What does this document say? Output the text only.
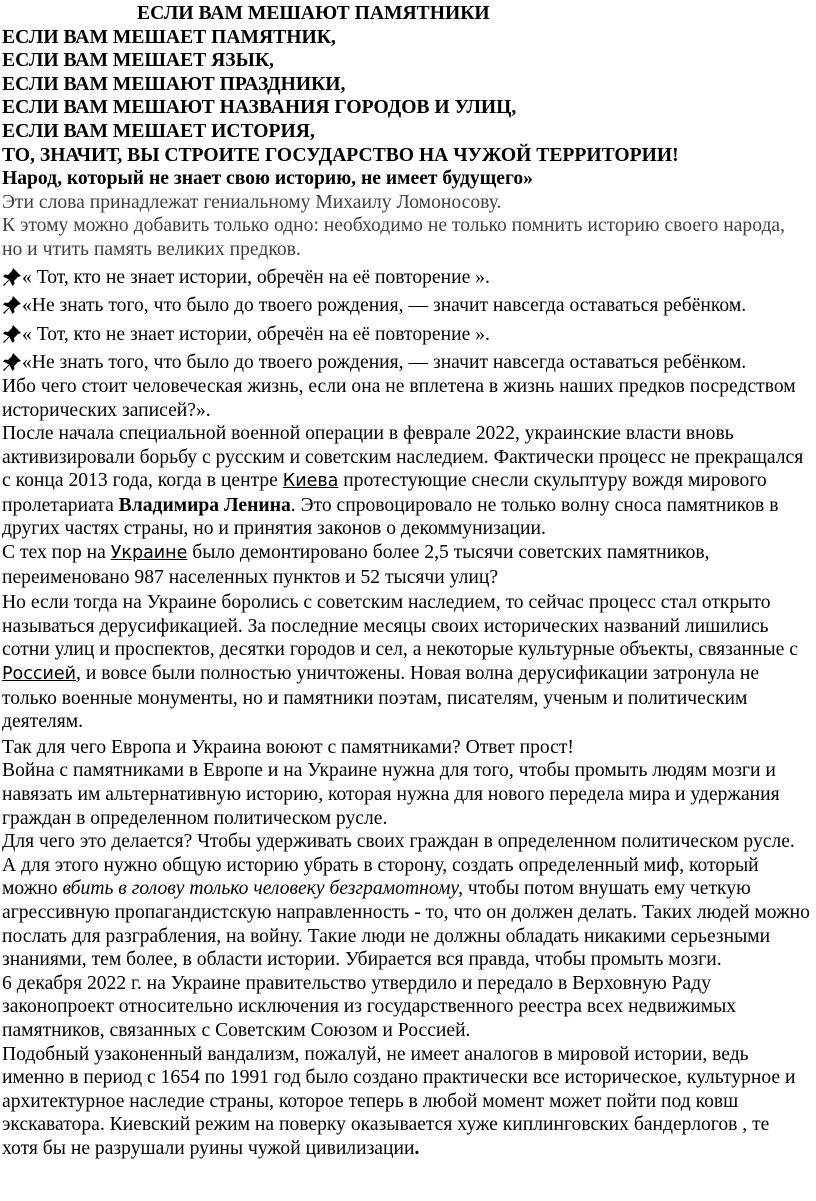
ЕСЛИ ВАМ МЕШАЮТ ПАМЯТНИКИ
ЕСЛИ ВАМ МЕШАЕТ ПАМЯТНИК,
ЕСЛИ ВАМ МЕШАЕТ ЯЗЫК,
ЕСЛИ ВАМ МЕШАЮТ ПРАЗДНИКИ,
ЕСЛИ ВАМ МЕШАЮТ НАЗВАНИЯ ГОРОДОВ И УЛИЦ,
ЕСЛИ ВАМ МЕШАЕТ ИСТОРИЯ,
ТО, ЗНАЧИТ, ВЫ СТРОИТЕ ГОСУДАРСТВО НА ЧУЖОЙ ТЕРРИТОРИИ!
Народ, который не знает свою историю, не имеет будущего»

Эти слова принадлежат гениальному Михаилу Ломоносову.

К этому можно добавить только одно: необходимо не только помнить историю своего народа, но и чтить память великих предков.

« Тот, кто не знает истории, обречён на её повторение ».
«Не знать того, что было до твоего рождения, — значит навсегда оставаться ребёнком.
« Тот, кто не знает истории, обречён на её повторение ».
«Не знать того, что было до твоего рождения, — значит навсегда оставаться ребёнком.

Ибо чего стоит человеческая жизнь, если она не вплетена в жизнь наших предков посредством исторических записей?».

После начала специальной военной операции в феврале 2022, украинские власти вновь активизировали борьбу с русским и советским наследием. Фактически процесс не прекращался с конца 2013 года, когда в центре Киева протестующие снесли скульптуру вождя мирового пролетариата Владимира Ленина. Это спровоцировало не только волну сноса памятников в других частях страны, но и принятия законов о декоммунизации.

С тех пор на Украине было демонтировано более 2,5 тысячи советских памятников, переименовано 987 населенных пунктов и 52 тысячи улиц?

Но если тогда на Украине боролись с советским наследием, то сейчас процесс стал открыто называться дерусификацией. За последние месяцы своих исторических названий лишились сотни улиц и проспектов, десятки городов и сел, а некоторые культурные объекты, связанные с Россией, и вовсе были полностью уничтожены. Новая волна дерусификации затронула не только военные монументы, но и памятники поэтам, писателям, ученым и политическим деятелям.

Так для чего Европа и Украина воюют с памятниками? Ответ прост!

Война с памятниками в Европе и на Украине нужна для того, чтобы промыть людям мозги и навязать им альтернативную историю, которая нужна для нового передела мира и удержания граждан в определенном политическом русле.

Для чего это делается? Чтобы удерживать своих граждан в определенном политическом русле. А для этого нужно общую историю убрать в сторону, создать определенный миф, который можно вбить в голову только человеку безграмотному, чтобы потом внушать ему четкую агрессивную пропагандистскую направленность - то, что он должен делать. Таких людей можно послать для разграбления, на войну. Такие люди не должны обладать никакими серьезными знаниями, тем более, в области истории. Убирается вся правда, чтобы промыть мозги.

6 декабря 2022 г. на Украине правительство утвердило и передало в Верховную Раду законопроект относительно исключения из государственного реестра всех недвижимых памятников, связанных с Советским Союзом и Россией.

Подобный узаконенный вандализм, пожалуй, не имеет аналогов в мировой истории, ведь именно в период с 1654 по 1991 год было создано практически все историческое, культурное и архитектурное наследие страны, которое теперь в любой момент может пойти под ковш экскаватора. Киевский режим на поверку оказывается хуже киплинговских бандерлогов , те хотя бы не разрушали руины чужой цивилизации.
